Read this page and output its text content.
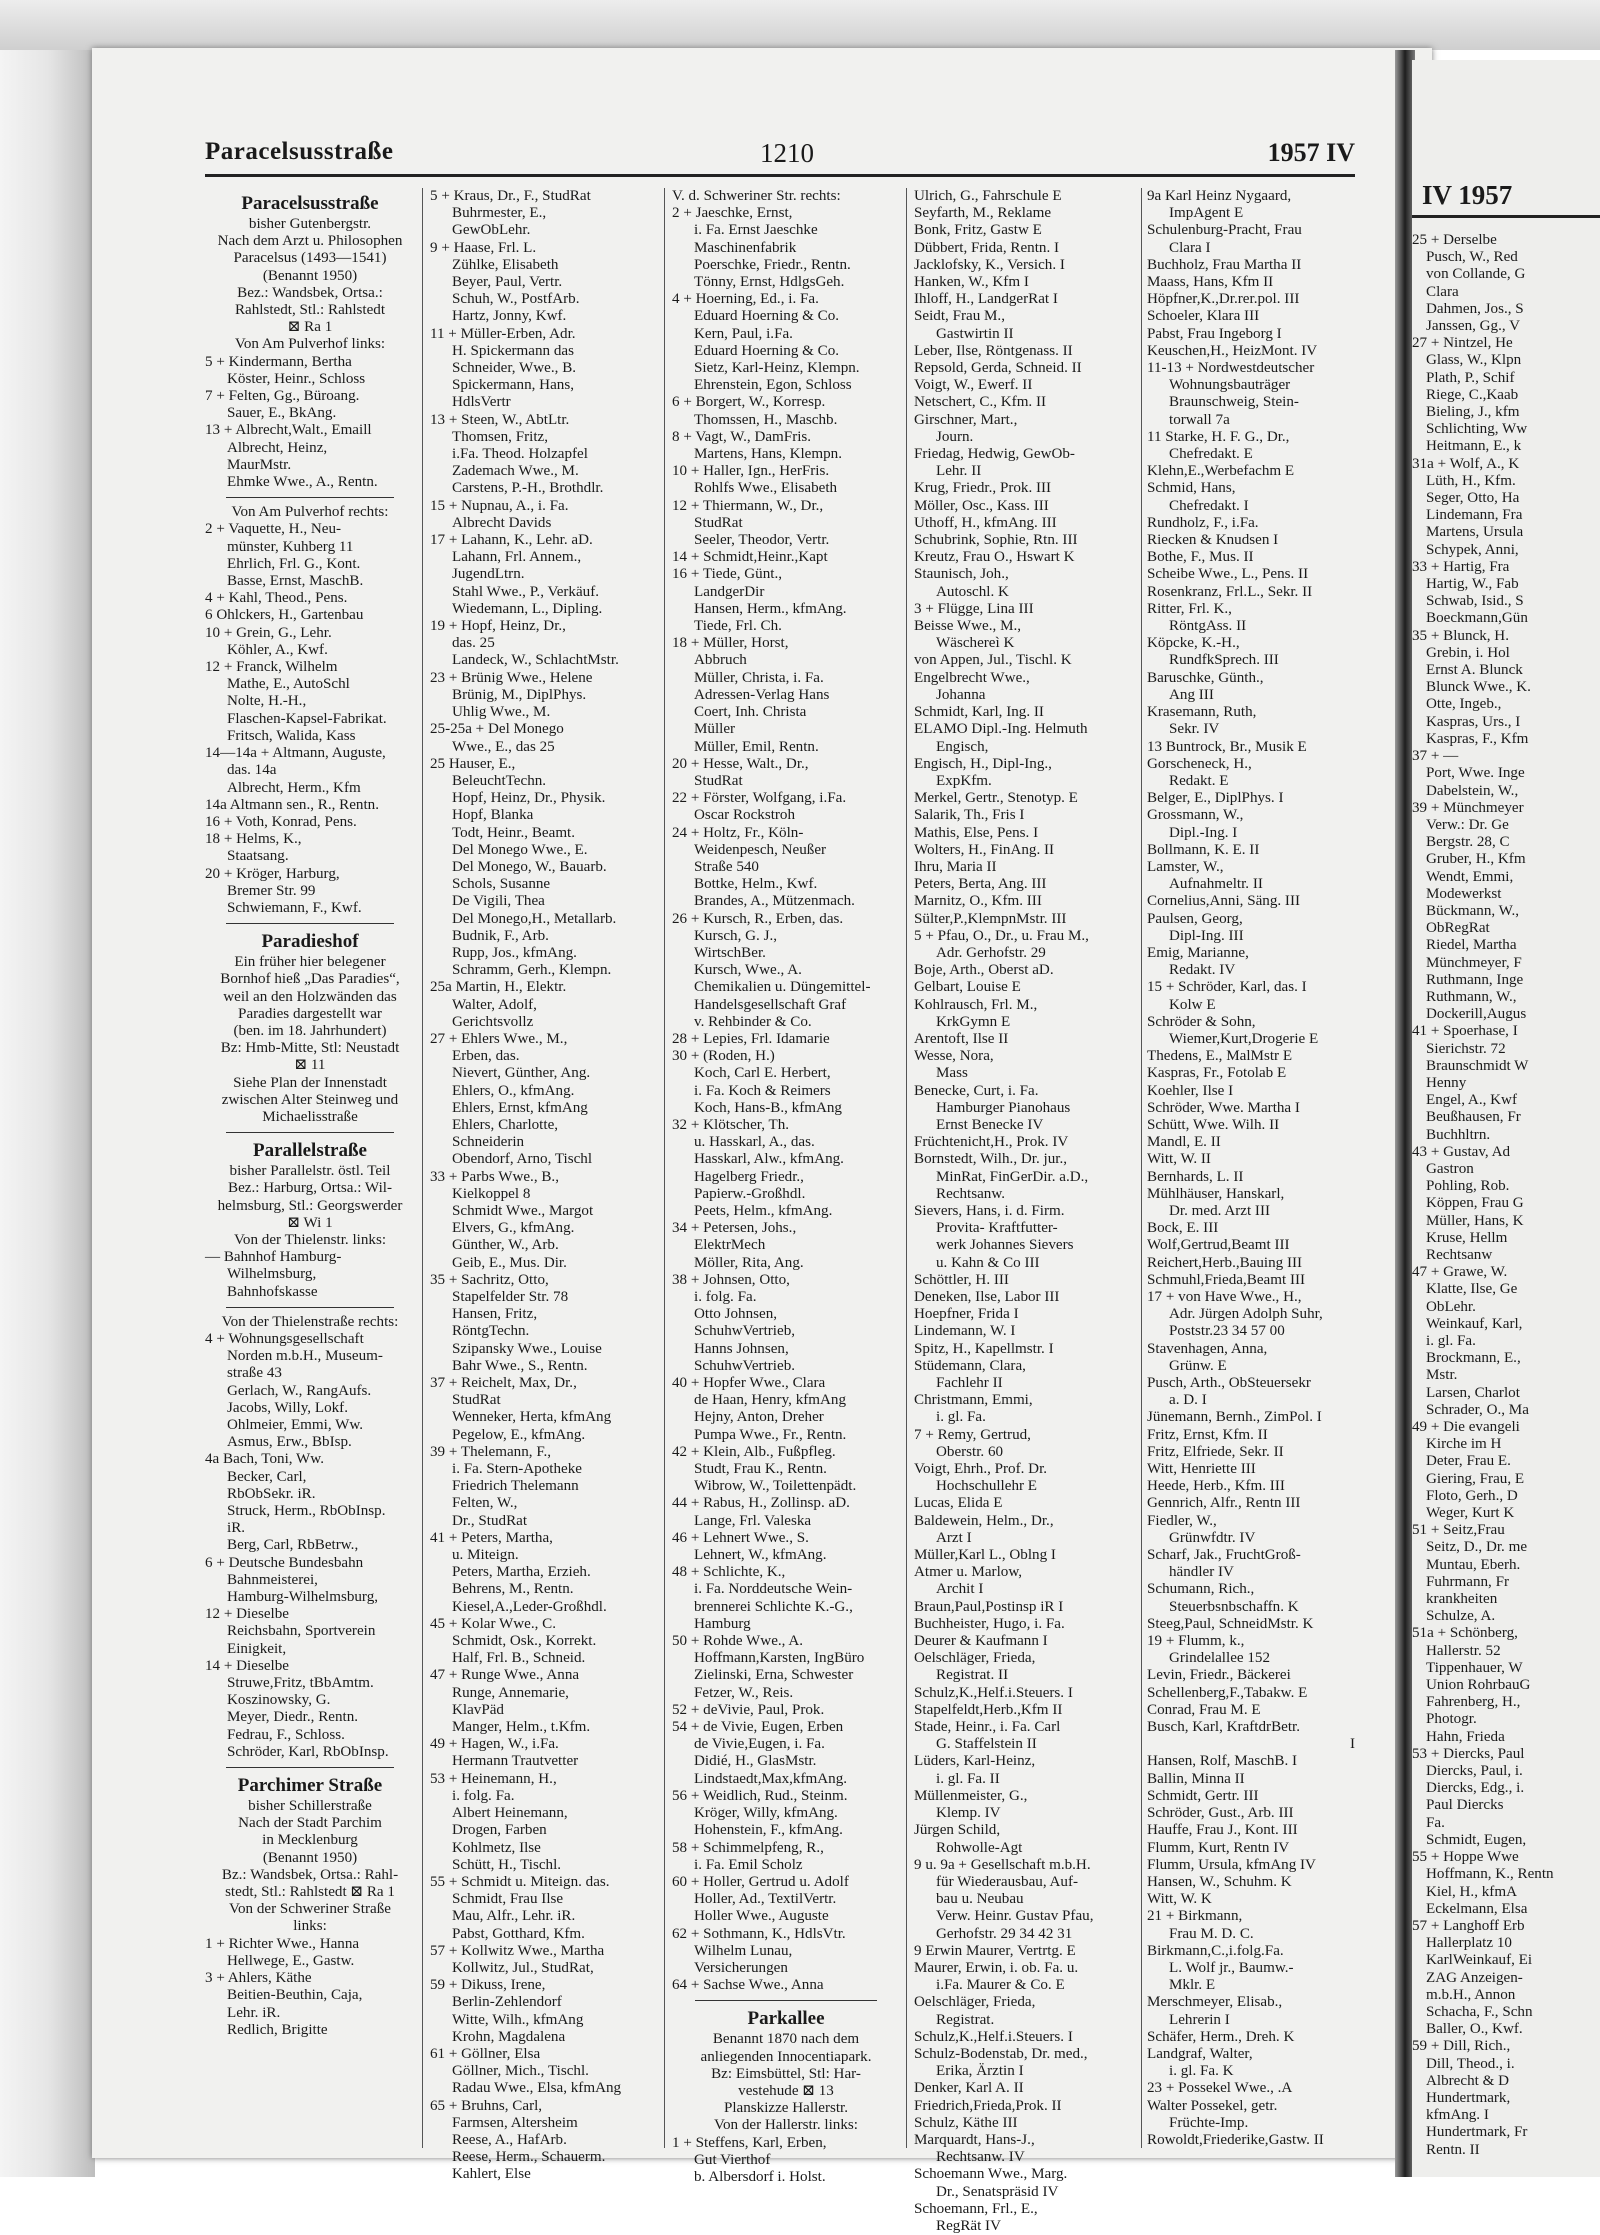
Paracelsusstraße	1210	1957 IV
Paracelsusstraße
bisher Gutenbergstr.
Nach dem Arzt u. Philosophen
Paracelsus (1493—1541)
(Benannt 1950)
Bez.: Wandsbek, Ortsa.:
Rahlstedt, Stl.: Rahlstedt
⊠ Ra 1
Von Am Pulverhof links:
5 + Kindermann, Bertha
Köster, Heinr., Schloss
7 + Felten, Gg., Büroang.
Sauer, E., BkAng.
13 + Albrecht,Walt., Emaill
Albrecht, Heinz,
MaurMstr.
Ehmke Wwe., A., Rentn.
Von Am Pulverhof rechts:
2 + Vaquette, H., Neu-
münster, Kuhberg 11
Ehrlich, Frl. G., Kont.
Basse, Ernst, MaschB.
4 + Kahl, Theod., Pens.
6 Ohlckers, H., Gartenbau
10 + Grein, G., Lehr.
Köhler, A., Kwf.
12 + Franck, Wilhelm
Mathe, E., AutoSchl
Nolte, H.-H.,
Flaschen-Kapsel-Fabrikat.
Fritsch, Walida, Kass
14—14a + Altmann, Auguste,
das. 14a
Albrecht, Herm., Kfm
14a Altmann sen., R., Rentn.
16 + Voth, Konrad, Pens.
18 + Helms, K.,
Staatsang.
20 + Kröger, Harburg,
Bremer Str. 99
Schwiemann, F., Kwf.
Paradieshof
Ein früher hier belegener
Bornhof hieß „Das Paradies“,
weil an den Holzwänden das
Paradies dargestellt war
(ben. im 18. Jahrhundert)
Bz: Hmb-Mitte, Stl: Neustadt
⊠ 11
Siehe Plan der Innenstadt
zwischen Alter Steinweg und
Michaelisstraße
Parallelstraße
bisher Parallelstr. östl. Teil
Bez.: Harburg, Ortsa.: Wil-
helmsburg, Stl.: Georgswerder
⊠ Wi 1
Von der Thielenstr. links:
— Bahnhof Hamburg-
Wilhelmsburg,
Bahnhofskasse
Von der Thielenstraße rechts:
4 + Wohnungsgesellschaft
Norden m.b.H., Museum-
straße 43
Gerlach, W., RangAufs.
Jacobs, Willy, Lokf.
Ohlmeier, Emmi, Ww.
Asmus, Erw., BbIsp.
4a Bach, Toni, Ww.
Becker, Carl,
RbObSekr. iR.
Struck, Herm., RbObInsp.
iR.
Berg, Carl, RbBetrw.,
6 + Deutsche Bundesbahn
Bahnmeisterei,
Hamburg-Wilhelmsburg,
12 + Dieselbe
Reichsbahn, Sportverein
Einigkeit,
14 + Dieselbe
Struwe,Fritz, tBbAmtm.
Koszinowsky, G.
Meyer, Diedr., Rentn.
Fedrau, F., Schloss.
Schröder, Karl, RbObInsp.
Parchimer Straße
bisher Schillerstraße
Nach der Stadt Parchim
in Mecklenburg
(Benannt 1950)
Bz.: Wandsbek, Ortsa.: Rahl-
stedt, Stl.: Rahlstedt ⊠ Ra 1
Von der Schweriner Straße
links:
1 + Richter Wwe., Hanna
Hellwege, E., Gastw.
3 + Ahlers, Käthe
Beitien-Beuthin, Caja,
Lehr. iR.
Redlich, Brigitte
5 + Kraus, Dr., F., StudRat
Buhrmester, E.,
GewObLehr.
9 + Haase, Frl. L.
Zühlke, Elisabeth
Beyer, Paul, Vertr.
Schuh, W., PostfArb.
Hartz, Jonny, Kwf.
11 + Müller-Erben, Adr.
H. Spickermann das
Schneider, Wwe., B.
Spickermann, Hans,
HdlsVertr
13 + Steen, W., AbtLtr.
Thomsen, Fritz,
i.Fa. Theod. Holzapfel
Zademach Wwe., M.
Carstens, P.-H., Brothdlr.
15 + Nupnau, A., i. Fa.
Albrecht Davids
17 + Lahann, K., Lehr. aD.
Lahann, Frl. Annem.,
JugendLtrn.
Stahl Wwe., P., Verkäuf.
Wiedemann, L., Dipling.
19 + Hopf, Heinz, Dr.,
das. 25
Landeck, W., SchlachtMstr.
23 + Brünig Wwe., Helene
Brünig, M., DiplPhys.
Uhlig Wwe., M.
25-25a + Del Monego
Wwe., E., das 25
25 Hauser, E.,
BeleuchtTechn.
Hopf, Heinz, Dr., Physik.
Hopf, Blanka
Todt, Heinr., Beamt.
Del Monego Wwe., E.
Del Monego, W., Bauarb.
Schols, Susanne
De Vigili, Thea
Del Monego,H., Metallarb.
Budnik, F., Arb.
Rupp, Jos., kfmAng.
Schramm, Gerh., Klempn.
25a Martin, H., Elektr.
Walter, Adolf,
Gerichtsvollz
27 + Ehlers Wwe., M.,
Erben, das.
Nievert, Günther, Ang.
Ehlers, O., kfmAng.
Ehlers, Ernst, kfmAng
Ehlers, Charlotte,
Schneiderin
Obendorf, Arno, Tischl
33 + Parbs Wwe., B.,
Kielkoppel 8
Schmidt Wwe., Margot
Elvers, G., kfmAng.
Günther, W., Arb.
Geib, E., Mus. Dir.
35 + Sachritz, Otto,
Stapelfelder Str. 78
Hansen, Fritz,
RöntgTechn.
Szipansky Wwe., Louise
Bahr Wwe., S., Rentn.
37 + Reichelt, Max, Dr.,
StudRat
Wenneker, Herta, kfmAng
Pegelow, E., kfmAng.
39 + Thelemann, F.,
i. Fa. Stern-Apotheke
Friedrich Thelemann
Felten, W.,
Dr., StudRat
41 + Peters, Martha,
u. Miteign.
Peters, Martha, Erzieh.
Behrens, M., Rentn.
Kiesel,A.,Leder-Großhdl.
45 + Kolar Wwe., C.
Schmidt, Osk., Korrekt.
Half, Frl. B., Schneid.
47 + Runge Wwe., Anna
Runge, Annemarie,
KlavPäd
Manger, Helm., t.Kfm.
49 + Hagen, W., i.Fa.
Hermann Trautvetter
53 + Heinemann, H.,
i. folg. Fa.
Albert Heinemann,
Drogen, Farben
Kohlmetz, Ilse
Schütt, H., Tischl.
55 + Schmidt u. Miteign. das.
Schmidt, Frau Ilse
Mau, Alfr., Lehr. iR.
Pabst, Gotthard, Kfm.
57 + Kollwitz Wwe., Martha
Kollwitz, Jul., StudRat,
59 + Dikuss, Irene,
Berlin-Zehlendorf
Witte, Wilh., kfmAng
Krohn, Magdalena
61 + Göllner, Elsa
Göllner, Mich., Tischl.
Radau Wwe., Elsa, kfmAng
65 + Bruhns, Carl,
Farmsen, Altersheim
Reese, A., HafArb.
Reese, Herm., Schauerm.
Kahlert, Else
V. d. Schweriner Str. rechts:
2 + Jaeschke, Ernst,
i. Fa. Ernst Jaeschke
Maschinenfabrik
Poerschke, Friedr., Rentn.
Tönny, Ernst, HdlgsGeh.
4 + Hoerning, Ed., i. Fa.
Eduard Hoerning & Co.
Kern, Paul, i.Fa.
Eduard Hoerning & Co.
Sietz, Karl-Heinz, Klempn.
Ehrenstein, Egon, Schloss
6 + Borgert, W., Korresp.
Thomssen, H., Maschb.
8 + Vagt, W., DamFris.
Martens, Hans, Klempn.
10 + Haller, Ign., HerFris.
Rohlfs Wwe., Elisabeth
12 + Thiermann, W., Dr.,
StudRat
Seeler, Theodor, Vertr.
14 + Schmidt,Heinr.,Kapt
16 + Tiede, Günt.,
LandgerDir
Hansen, Herm., kfmAng.
Tiede, Frl. Ch.
18 + Müller, Horst,
Abbruch
Müller, Christa, i. Fa.
Adressen-Verlag Hans
Coert, Inh. Christa
Müller
Müller, Emil, Rentn.
20 + Hesse, Walt., Dr.,
StudRat
22 + Förster, Wolfgang, i.Fa.
Oscar Rockstroh
24 + Holtz, Fr., Köln-
Weidenpesch, Neußer
Straße 540
Bottke, Helm., Kwf.
Brandes, A., Mützenmach.
26 + Kursch, R., Erben, das.
Kursch, G. J.,
WirtschBer.
Kursch, Wwe., A.
Chemikalien u. Düngemittel-
Handelsgesellschaft Graf
v. Rehbinder & Co.
28 + Lepies, Frl. Idamarie
30 + (Roden, H.)
Koch, Carl E. Herbert,
i. Fa. Koch & Reimers
Koch, Hans-B., kfmAng
32 + Klötscher, Th.
u. Hasskarl, A., das.
Hasskarl, Alw., kfmAng.
Hagelberg Friedr.,
Papierw.-Großhdl.
Peets, Helm., kfmAng.
34 + Petersen, Johs.,
ElektrMech
Möller, Rita, Ang.
38 + Johnsen, Otto,
i. folg. Fa.
Otto Johnsen,
SchuhwVertrieb,
Hanns Johnsen,
SchuhwVertrieb.
40 + Hopfer Wwe., Clara
de Haan, Henry, kfmAng
Hejny, Anton, Dreher
Pumpa Wwe., Fr., Rentn.
42 + Klein, Alb., Fußpfleg.
Studt, Frau K., Rentn.
Wibrow, W., Toilettenpädt.
44 + Rabus, H., Zollinsp. aD.
Lange, Frl. Valeska
46 + Lehnert Wwe., S.
Lehnert, W., kfmAng.
48 + Schlichte, K.,
i. Fa. Norddeutsche Wein-
brennerei Schlichte K.-G.,
Hamburg
50 + Rohde Wwe., A.
Hoffmann,Karsten, IngBüro
Zielinski, Erna, Schwester
Fetzer, W., Reis.
52 + deVivie, Paul, Prok.
54 + de Vivie, Eugen, Erben
de Vivie,Eugen, i. Fa.
Didié, H., GlasMstr.
Lindstaedt,Max,kfmAng.
56 + Weidlich, Rud., Steinm.
Kröger, Willy, kfmAng.
Hohenstein, F., kfmAng.
58 + Schimmelpfeng, R.,
i. Fa. Emil Scholz
60 + Holler, Gertrud u. Adolf
Holler, Ad., TextilVertr.
Holler Wwe., Auguste
62 + Sothmann, K., HdlsVtr.
Wilhelm Lunau,
Versicherungen
64 + Sachse Wwe., Anna
Parkallee
Benannt 1870 nach dem
anliegenden Innocentiapark.
Bz: Eimsbüttel, Stl: Har-
vestehude ⊠ 13
Planskizze Hallerstr.
Von der Hallerstr. links:
1 + Steffens, Karl, Erben,
Gut Vierthof
b. Albersdorf i. Holst.
Ulrich, G., Fahrschule E
Seyfarth, M., Reklame
Bonk, Fritz, Gastw E
Dübbert, Frida, Rentn. I
Jacklofsky, K., Versich. I
Hanken, W., Kfm I
Ihloff, H., LandgerRat I
Seidt, Frau M.,
Gastwirtin II
Leber, Ilse, Röntgenass. II
Repsold, Gerda, Schneid. II
Voigt, W., Ewerf. II
Netschert, C., Kfm. II
Girschner, Mart.,
Journ.
Friedag, Hedwig, GewOb-
Lehr. II
Krug, Friedr., Prok. III
Möller, Osc., Kass. III
Uthoff, H., kfmAng. III
Schubrink, Sophie, Rtn. III
Kreutz, Frau O., Hswart K
Staunisch, Joh.,
Autoschl. K
3 + Flügge, Lina III
Beisse Wwe., M.,
Wäschereì K
von Appen, Jul., Tischl. K
Engelbrecht Wwe.,
Johanna
Schmidt, Karl, Ing. II
ELAMO Dipl.-Ing. Helmuth
Engisch,
Engisch, H., Dipl-Ing.,
ExpKfm.
Merkel, Gertr., Stenotyp. E
Salarik, Th., Fris I
Mathis, Else, Pens. I
Wolters, H., FinAng. II
Ihru, Maria II
Peters, Berta, Ang. III
Marnitz, O., Kfm. III
Sülter,P.,KlempnMstr. III
5 + Pfau, O., Dr., u. Frau M.,
Adr. Gerhofstr. 29
Boje, Arth., Oberst aD.
Gelbart, Louise E
Kohlrausch, Frl. M.,
KrkGymn E
Arentoft, Ilse II
Wesse, Nora,
Mass
Benecke, Curt, i. Fa.
Hamburger Pianohaus
Ernst Benecke IV
Früchtenicht,H., Prok. IV
Bornstedt, Wilh., Dr. jur.,
MinRat, FinGerDir. a.D.,
Rechtsanw.
Sievers, Hans, i. d. Firm.
Provita- Kraftfutter-
werk Johannes Sievers
u. Kahn & Co III
Schöttler, H. III
Deneken, Ilse, Labor III
Hoepfner, Frida I
Lindemann, W. I
Spitz, H., Kapellmstr. I
Stüdemann, Clara,
Fachlehr II
Christmann, Emmi,
i. gl. Fa.
7 + Remy, Gertrud,
Oberstr. 60
Voigt, Ehrh., Prof. Dr.
Hochschullehr E
Lucas, Elida E
Baldewein, Helm., Dr.,
Arzt I
Müller,Karl L., Oblng I
Atmer u. Marlow,
Archit I
Braun,Paul,Postinsp iR I
Buchheister, Hugo, i. Fa.
Deurer & Kaufmann I
Oelschläger, Frieda,
Registrat. II
Schulz,K.,Helf.i.Steuers. I
Stapelfeldt,Herb.,Kfm II
Stade, Heinr., i. Fa. Carl
G. Staffelstein II
Lüders, Karl-Heinz,
i. gl. Fa. II
Müllenmeister, G.,
Klemp. IV
Jürgen Schild,
Rohwolle-Agt
9 u. 9a + Gesellschaft m.b.H.
für Wiederausbau, Auf-
bau u. Neubau
Verw. Heinr. Gustav Pfau,
Gerhofstr. 29 34 42 31
9 Erwin Maurer, Vertrtg. E
Maurer, Erwin, i. ob. Fa. u.
i.Fa. Maurer & Co. E
Oelschläger, Frieda,
Registrat.
Schulz,K.,Helf.i.Steuers. I
Schulz-Bodenstab, Dr. med.,
Erika, Ärztin I
Denker, Karl A. II
Friedrich,Frieda,Prok. II
Schulz, Käthe III
Marquardt, Hans-J.,
Rechtsanw. IV
Schoemann Wwe., Marg.
Dr., Senatspräsid IV
Schoemann, Frl., E.,
RegRät IV
9a Karl Heinz Nygaard,
ImpAgent E
Schulenburg-Pracht, Frau
Clara I
Buchholz, Frau Martha II
Maass, Hans, Kfm II
Höpfner,K.,Dr.rer.pol. III
Schoeler, Klara III
Pabst, Frau Ingeborg I
Keuschen,H., HeizMont. IV
11-13 + Nordwestdeutscher
Wohnungsbauträger
Braunschweig, Stein-
torwall 7a
11 Starke, H. F. G., Dr.,
Chefredakt. E
Klehn,E.,Werbefachm E
Schmid, Hans,
Chefredakt. I
Rundholz, F., i.Fa.
Riecken & Knudsen I
Bothe, F., Mus. II
Scheibe Wwe., L., Pens. II
Rosenkranz, Frl.L., Sekr. II
Ritter, Frl. K.,
RöntgAss. II
Köpcke, K.-H.,
RundfkSprech. III
Baruschke, Günth.,
Ang III
Krasemann, Ruth,
Sekr. IV
13 Buntrock, Br., Musik E
Gorscheneck, H.,
Redakt. E
Belger, E., DiplPhys. I
Grossmann, W.,
Dipl.-Ing. I
Bollmann, K. E. II
Lamster, W.,
Aufnahmeltr. II
Cornelius,Anni, Säng. III
Paulsen, Georg,
Dipl-Ing. III
Emig, Marianne,
Redakt. IV
15 + Schröder, Karl, das. I
Kolw E
Schröder & Sohn,
Wiemer,Kurt,Drogerie E
Thedens, E., MalMstr E
Kaspras, Fr., Fotolab E
Koehler, Ilse I
Schröder, Wwe. Martha I
Schütt, Wwe. Wilh. II
Mandl, E. II
Witt, W. II
Bernhards, L. II
Mühlhäuser, Hanskarl,
Dr. med. Arzt III
Bock, E. III
Wolf,Gertrud,Beamt III
Reichert,Herb.,Bauing III
Schmuhl,Frieda,Beamt III
17 + von Have Wwe., H.,
Adr. Jürgen Adolph Suhr,
Poststr.23 34 57 00
Stavenhagen, Anna,
Grünw. E
Pusch, Arth., ObSteuersekr
a. D. I
Jünemann, Bernh., ZimPol. I
Fritz, Ernst, Kfm. II
Fritz, Elfriede, Sekr. II
Witt, Henriette III
Heede, Herb., Kfm. III
Gennrich, Alfr., Rentn III
Fiedler, W.,
Grünwfdtr. IV
Scharf, Jak., FruchtGroß-
händler IV
Schumann, Rich.,
Steuerbsnbschaffn. K
Steeg,Paul, SchneidMstr. K
19 + Flumm, k.,
Grindelallee 152
Levin, Friedr., Bäckerei
Schellenberg,F.,Tabakw. E
Conrad, Frau M. E
Busch, Karl, KraftdrBetr.
I
Hansen, Rolf, MaschB. I
Ballin, Minna II
Schmidt, Gertr. III
Schröder, Gust., Arb. III
Hauffe, Frau J., Kont. III
Flumm, Kurt, Rentn IV
Flumm, Ursula, kfmAng IV
Hansen, W., Schuhm. K
Witt, W. K
21 + Birkmann,
Frau M. D. C.
Birkmann,C.,i.folg.Fa.
L. Wolf jr., Baumw.-
Mklr. E
Merschmeyer, Elisab.,
Lehrerin I
Schäfer, Herm., Dreh. K
Landgraf, Walter,
i. gl. Fa. K
23 + Possekel Wwe., .A
Walter Possekel, getr.
Früchte-Imp.
Rowoldt,Friederike,Gastw. II
IV 1957
25 + Derselbe
Pusch, W., Red
von Collande, G
Clara
Dahmen, Jos., S
Janssen, Gg., V
27 + Nintzel, He
Glass, W., Klpn
Plath, P., Schif
Riege, C.,Kaab
Bieling, J., kfm
Schlichting, Ww
Heitmann, E., k
31a + Wolf, A., K
Lüth, H., Kfm.
Seger, Otto, Ha
Lindemann, Fra
Martens, Ursula
Schypek, Anni,
33 + Hartig, Fra
Hartig, W., Fab
Schwab, Isid., S
Boeckmann,Gün
35 + Blunck, H.
Grebin, i. Hol
Ernst A. Blunck
Blunck Wwe., K.
Otte, Ingeb.,
Kaspras, Urs., I
Kaspras, F., Kfm
37 + —
Port, Wwe. Inge
Dabelstein, W.,
39 + Münchmeyer
Verw.: Dr. Ge
Bergstr. 28, C
Gruber, H., Kfm
Wendt, Emmi,
Modewerkst
Bückmann, W.,
ObRegRat
Riedel, Martha
Münchmeyer, F
Ruthmann, Inge
Ruthmann, W.,
Dockerill,Augus
41 + Spoerhase, I
Sierichstr. 72
Braunschmidt W
Henny
Engel, A., Kwf
Beußhausen, Fr
Buchhltrn.
43 + Gustav, Ad
Gastron
Pohling, Rob.
Köppen, Frau G
Müller, Hans, K
Kruse, Hellm
Rechtsanw
47 + Grawe, W.
Klatte, Ilse, Ge
ObLehr.
Weinkauf, Karl,
i. gl. Fa.
Brockmann, E.,
Mstr.
Larsen, Charlot
Schrader, O., Ma
49 + Die evangeli
Kirche im H
Deter, Frau E.
Giering, Frau, E
Floto, Gerh., D
Weger, Kurt K
51 + Seitz,Frau
Seitz, D., Dr. me
Muntau, Eberh.
Fuhrmann, Fr
krankheiten
Schulze, A.
51a + Schönberg,
Hallerstr. 52
Tippenhauer, W
Union RohrbauG
Fahrenberg, H.,
Photogr.
Hahn, Frieda
53 + Diercks, Paul
Diercks, Paul, i.
Diercks, Edg., i.
Paul Diercks
Fa.
Schmidt, Eugen,
55 + Hoppe Wwe
Hoffmann, K., Rentn
Kiel, H., kfmA
Eckelmann, Elsa
57 + Langhoff Erb
Hallerplatz 10
KarlWeinkauf, Ei
ZAG Anzeigen-
m.b.H., Annon
Schacha, F., Schn
Baller, O., Kwf.
59 + Dill, Rich.,
Dill, Theod., i.
Albrecht & D
Hundertmark,
kfmAng. I
Hundertmark, Fr
Rentn. II
